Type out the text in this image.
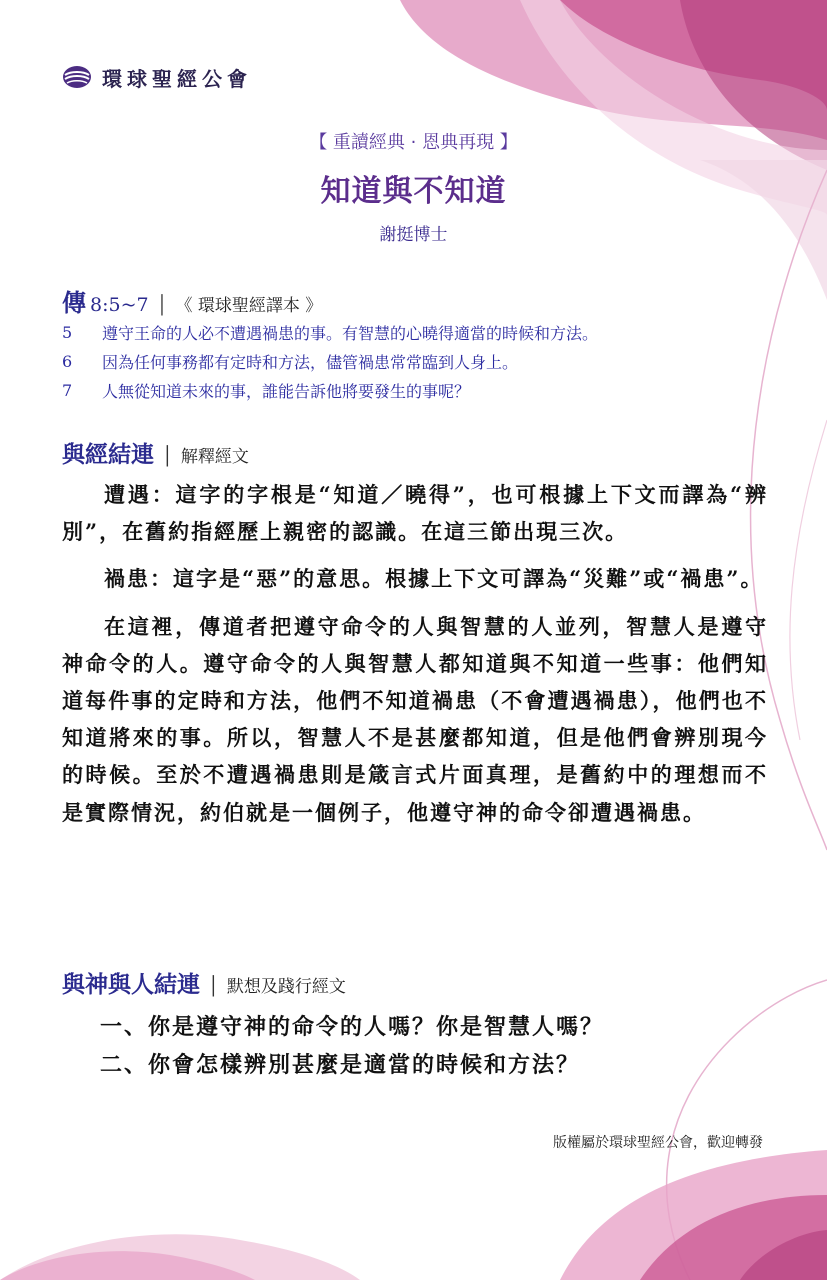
環球聖經公會
【 重讀經典 · 恩典再現 】
知道與不知道
謝挺博士
傳 8:5~7 │ 《 環球聖經譯本 》
5	遵守王命的人必不遭遇禍患的事。有智慧的心曉得適當的時候和方法。
6	因為任何事務都有定時和方法，儘管禍患常常臨到人身上。
7	人無從知道未來的事，誰能告訴他將要發生的事呢？
與經結連 │ 解釋經文

遭遇：這字的字根是“知道／曉得”，也可根據上下文而譯為“辨別”，在舊約指經歷上親密的認識。在這三節出現三次。

禍患：這字是“惡”的意思。根據上下文可譯為“災難”或“禍患”。

在這裡，傳道者把遵守命令的人與智慧的人並列，智慧人是遵守神命令的人。遵守命令的人與智慧人都知道與不知道一些事：他們知道每件事的定時和方法，他們不知道禍患（不會遭遇禍患），他們也不知道將來的事。所以，智慧人不是甚麼都知道，但是他們會辨別現今的時候。至於不遭遇禍患則是箴言式片面真理，是舊約中的理想而不是實際情況，約伯就是一個例子，他遵守神的命令卻遭遇禍患。

與神與人結連 │ 默想及踐行經文
一、你是遵守神的命令的人嗎？你是智慧人嗎？
二、你會怎樣辨別甚麼是適當的時候和方法？
版權屬於環球聖經公會，歡迎轉發
